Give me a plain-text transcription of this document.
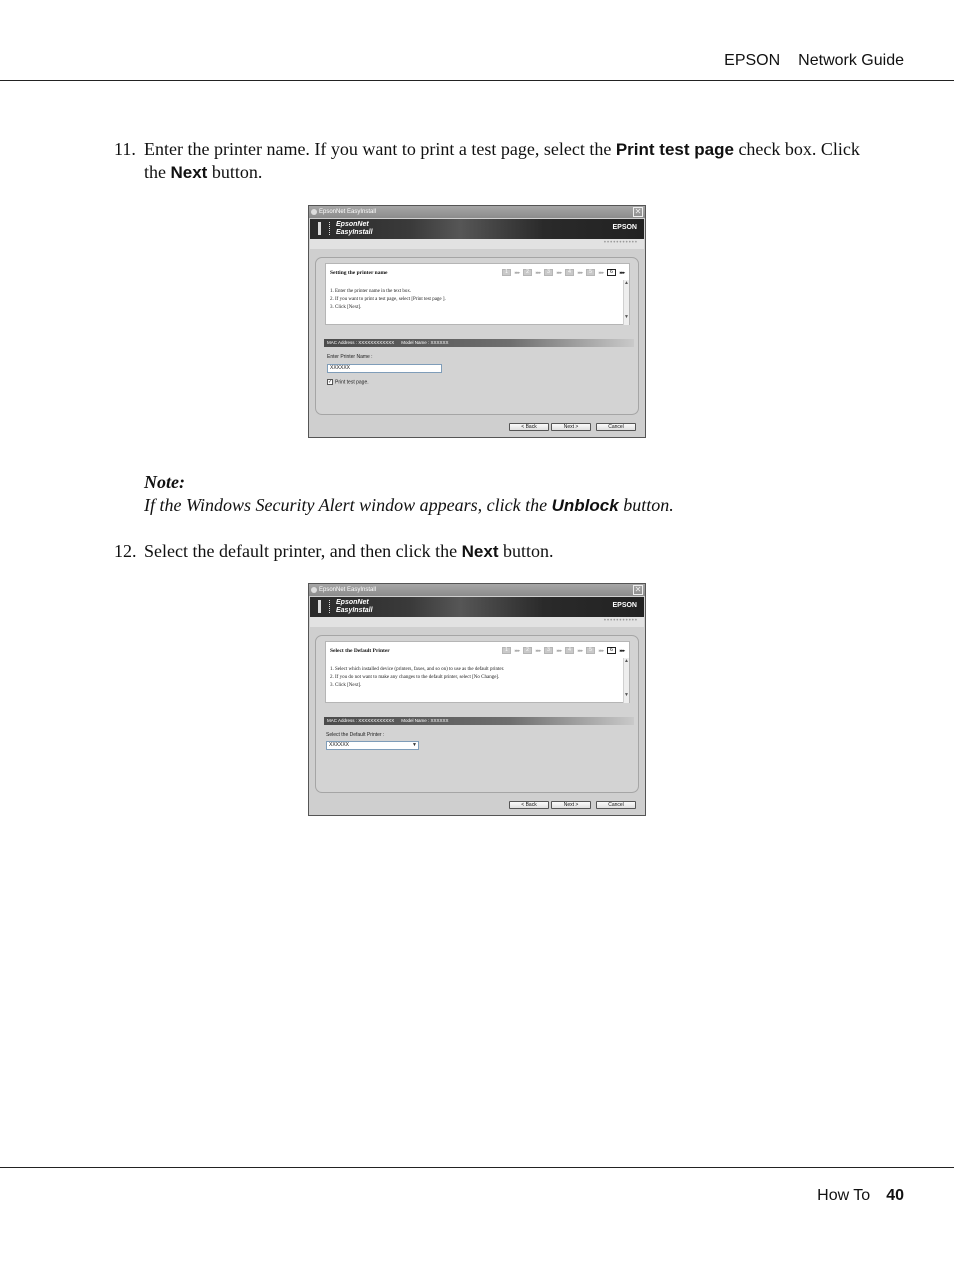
EPSON Network Guide
11. Enter the printer name. If you want to print a test page, select the Print test page check box. Click the Next button.
EpsonNet EasyInstall	✕
EpsonNet
EasyInstall
EPSON
•••••••••••
Setting the printer name	1	▸▸▸	2	▸▸▸	3	▸▸▸	4	▸▸▸	5	▸▸▸	6	▸▸▸
1. Enter the printer name in the text box.
2. If you want to print a test page, select [Print test page ].
3. Click [Next].
▲
▼
MAC Address : XXXXXXXXXXXX Model Name : XXXXXX
Enter Printer Name :
XXXXXX
✓ Print test page.
< Back	Next >	Cancel
Note:
If the Windows Security Alert window appears, click the Unblock button.
12. Select the default printer, and then click the Next button.
EpsonNet EasyInstall	✕
EpsonNet
EasyInstall
EPSON
•••••••••••
Select the Default Printer	1	▸▸▸	2	▸▸▸	3	▸▸▸	4	▸▸▸	5	▸▸▸	6	▸▸▸
1. Select which installed device (printers, faxes, and so on) to use as the default printer.
2. If you do not want to make any changes to the default printer, select [No Change].
3. Click [Next].
▲
▼
MAC Address : XXXXXXXXXXXX Model Name : XXXXXX
Select the Default Printer :
XXXXXX	▼
< Back	Next >	Cancel
How To 40
